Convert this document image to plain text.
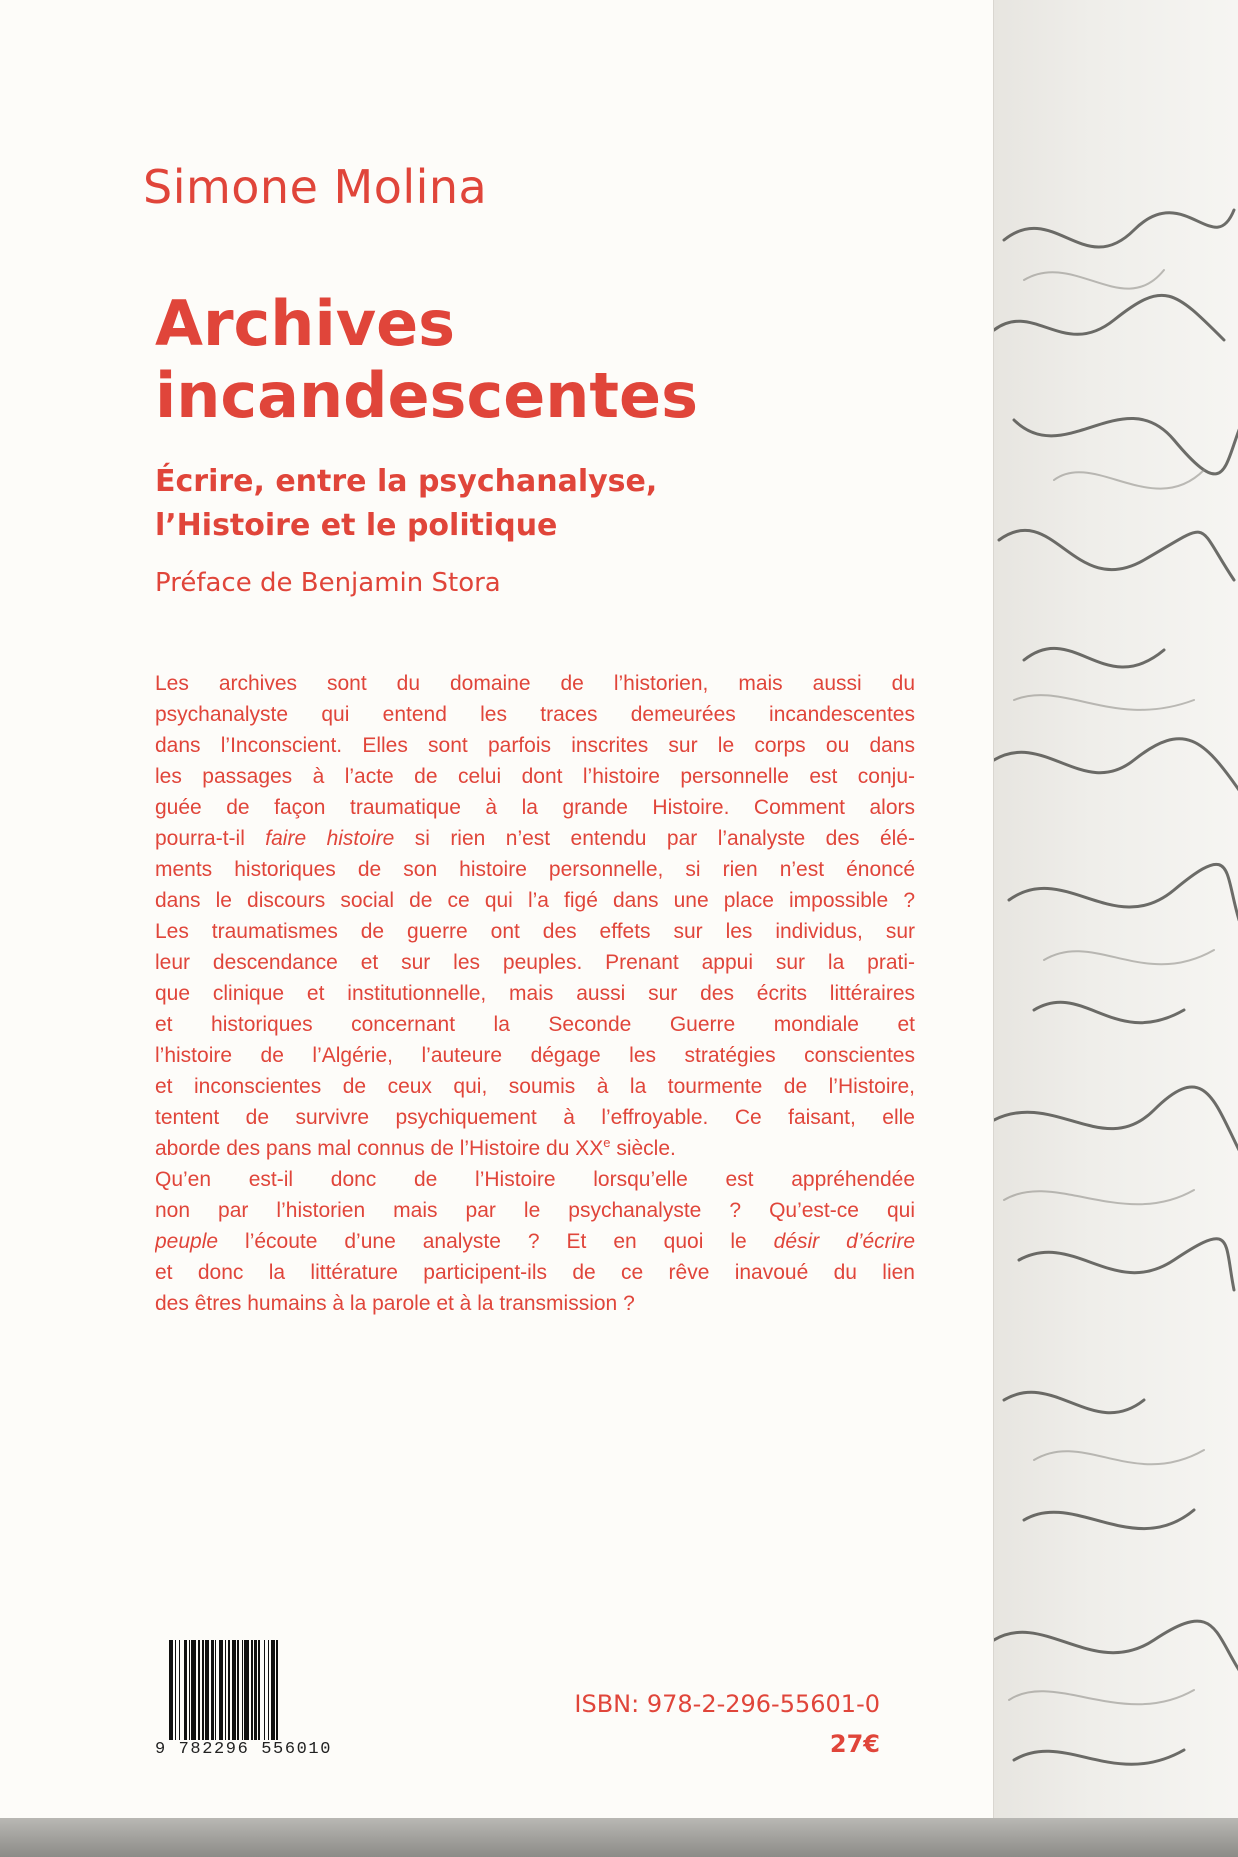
Simone Molina
Archives
incandescentes
Écrire, entre la psychanalyse,
l’Histoire et le politique

Préface de Benjamin Stora

Les archives sont du domaine de l’historien, mais aussi du
psychanalyste qui entend les traces demeurées incandescentes
dans l’Inconscient. Elles sont parfois inscrites sur le corps ou dans
les passages à l’acte de celui dont l’histoire personnelle est conju-
guée de façon traumatique à la grande Histoire. Comment alors
pourra-t-il faire histoire si rien n’est entendu par l’analyste des élé-
ments historiques de son histoire personnelle, si rien n’est énoncé
dans le discours social de ce qui l’a figé dans une place impossible ?
Les traumatismes de guerre ont des effets sur les individus, sur
leur descendance et sur les peuples. Prenant appui sur la prati-
que clinique et institutionnelle, mais aussi sur des écrits littéraires
et historiques concernant la Seconde Guerre mondiale et
l’histoire de l’Algérie, l’auteure dégage les stratégies conscientes
et inconscientes de ceux qui, soumis à la tourmente de l’Histoire,
tentent de survivre psychiquement à l’effroyable. Ce faisant, elle
aborde des pans mal connus de l’Histoire du XXe siècle.
Qu’en est-il donc de l’Histoire lorsqu’elle est appréhendée
non par l’historien mais par le psychanalyste ? Qu’est-ce qui
peuple l’écoute d’une analyste ? Et en quoi le désir d’écrire
et donc la littérature participent-ils de ce rêve inavoué du lien
des êtres humains à la parole et à la transmission ?

9 782296 556010
ISBN: 978-2-296-55601-0
27€
